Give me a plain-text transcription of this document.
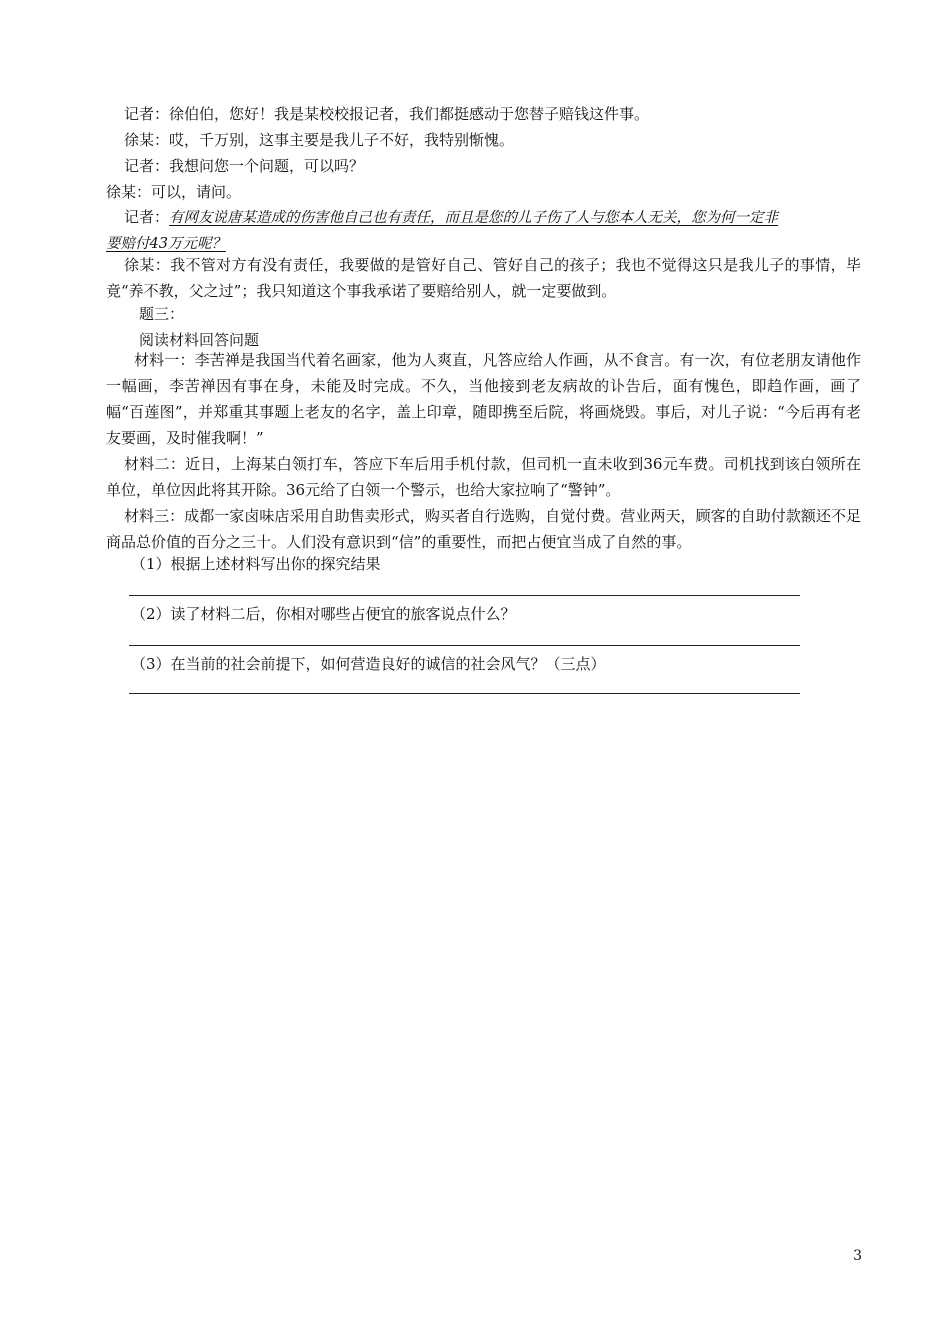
记者：徐伯伯，您好！我是某校校报记者，我们都挺感动于您替子赔钱这件事。
徐某：哎，千万别，这事主要是我儿子不好，我特别惭愧。
记者：我想问您一个问题，可以吗？
徐某：可以，请问。
记者：有网友说唐某造成的伤害他自己也有责任，而且是您的儿子伤了人与您本人无关，您为何一定非
要赔付43万元呢？
徐某：我不管对方有没有责任，我要做的是管好自己、管好自己的孩子；我也不觉得这只是我儿子的事情，毕竟“养不教，父之过”；我只知道这个事我承诺了要赔给别人，就一定要做到。
题三：
阅读材料回答问题
材料一：李苦禅是我国当代着名画家，他为人爽直，凡答应给人作画，从不食言。有一次，有位老朋友请他作一幅画，李苦禅因有事在身，未能及时完成。不久，当他接到老友病故的讣告后，面有愧色，即趋作画，画了幅“百莲图”，并郑重其事题上老友的名字，盖上印章，随即携至后院，将画烧毁。事后，对儿子说：“今后再有老友要画，及时催我啊！”
材料二：近日，上海某白领打车，答应下车后用手机付款，但司机一直未收到36元车费。司机找到该白领所在单位，单位因此将其开除。36元给了白领一个警示，也给大家拉响了“警钟”。
材料三：成都一家卤味店采用自助售卖形式，购买者自行选购，自觉付费。营业两天，顾客的自助付款额还不足商品总价值的百分之三十。人们没有意识到“信”的重要性，而把占便宜当成了自然的事。
（1）根据上述材料写出你的探究结果
（2）读了材料二后，你相对哪些占便宜的旅客说点什么？
（3）在当前的社会前提下，如何营造良好的诚信的社会风气？（三点）
3
